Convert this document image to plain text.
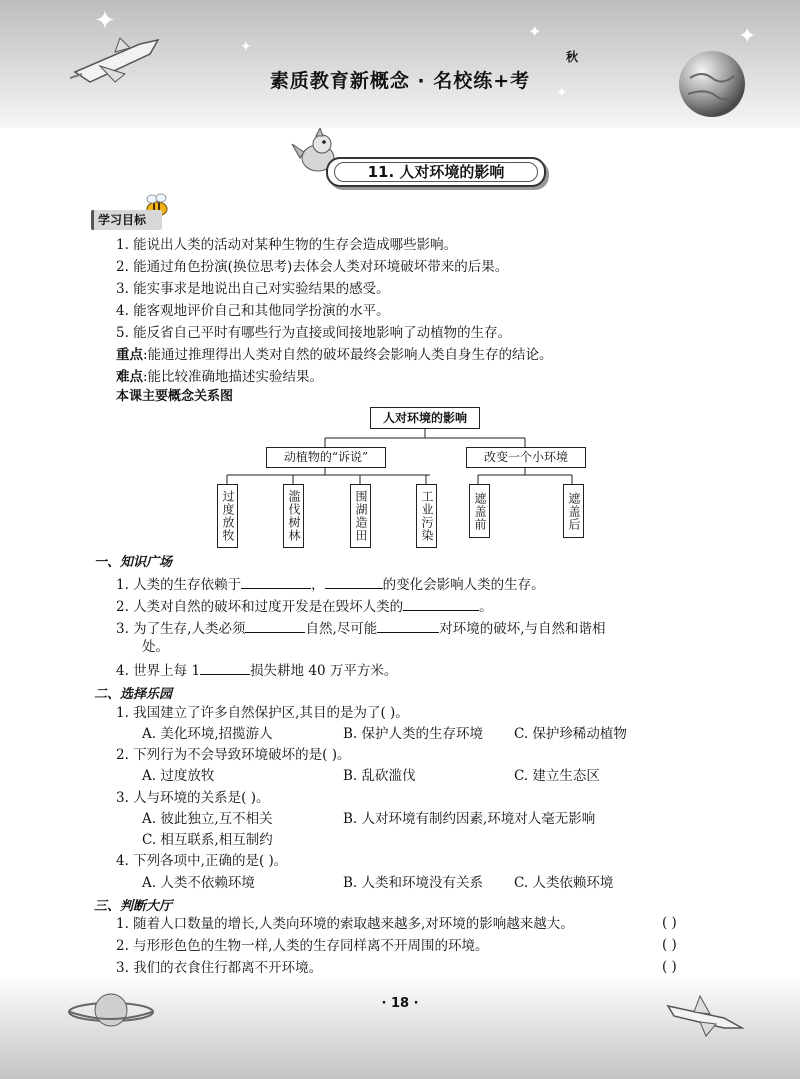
✦
✦
✦
✦
✦
素质教育新概念 · 名校练+考
秋
11. 人对环境的影响
学习目标
1. 能说出人类的活动对某种生物的生存会造成哪些影响。
2. 能通过角色扮演(换位思考)去体会人类对环境破坏带来的后果。
3. 能实事求是地说出自己对实验结果的感受。
4. 能客观地评价自己和其他同学扮演的水平。
5. 能反省自己平时有哪些行为直接或间接地影响了动植物的生存。
重点:能通过推理得出人类对自然的破坏最终会影响人类自身生存的结论。
难点:能比较准确地描述实验结果。
本课主要概念关系图
人对环境的影响
动植物的“诉说”	改变一个小环境
过度放牧	滥伐树林	围湖造田	工业污染	遮盖前	遮盖后
一、知识广场
1. 人类的生存依赖于	，	的变化会影响人类的生存。
2. 人类对自然的破坏和过度开发是在毁坏人类的	。
3. 为了生存,人类必须	自然,尽可能	对环境的破坏,与自然和谐相
处。
4. 世界上每 1	损失耕地 40 万平方米。
二、选择乐园
1. 我国建立了许多自然保护区,其目的是为了( )。
A. 美化环境,招揽游人	B. 保护人类的生存环境 C. 保护珍稀动植物
2. 下列行为不会导致环境破坏的是( )。
A. 过度放牧	B. 乱砍滥伐	C. 建立生态区
3. 人与环境的关系是( )。
A. 彼此独立,互不相关	B. 人对环境有制约因素,环境对人毫无影响
C. 相互联系,相互制约
4. 下列各项中,正确的是( )。
A. 人类不依赖环境	B. 人类和环境没有关系 C. 人类依赖环境
三、判断大厅
1. 随着人口数量的增长,人类向环境的索取越来越多,对环境的影响越来越大。	( )
2. 与形形色色的生物一样,人类的生存同样离不开周围的环境。	( )
3. 我们的衣食住行都离不开环境。	( )
· 18 ·
